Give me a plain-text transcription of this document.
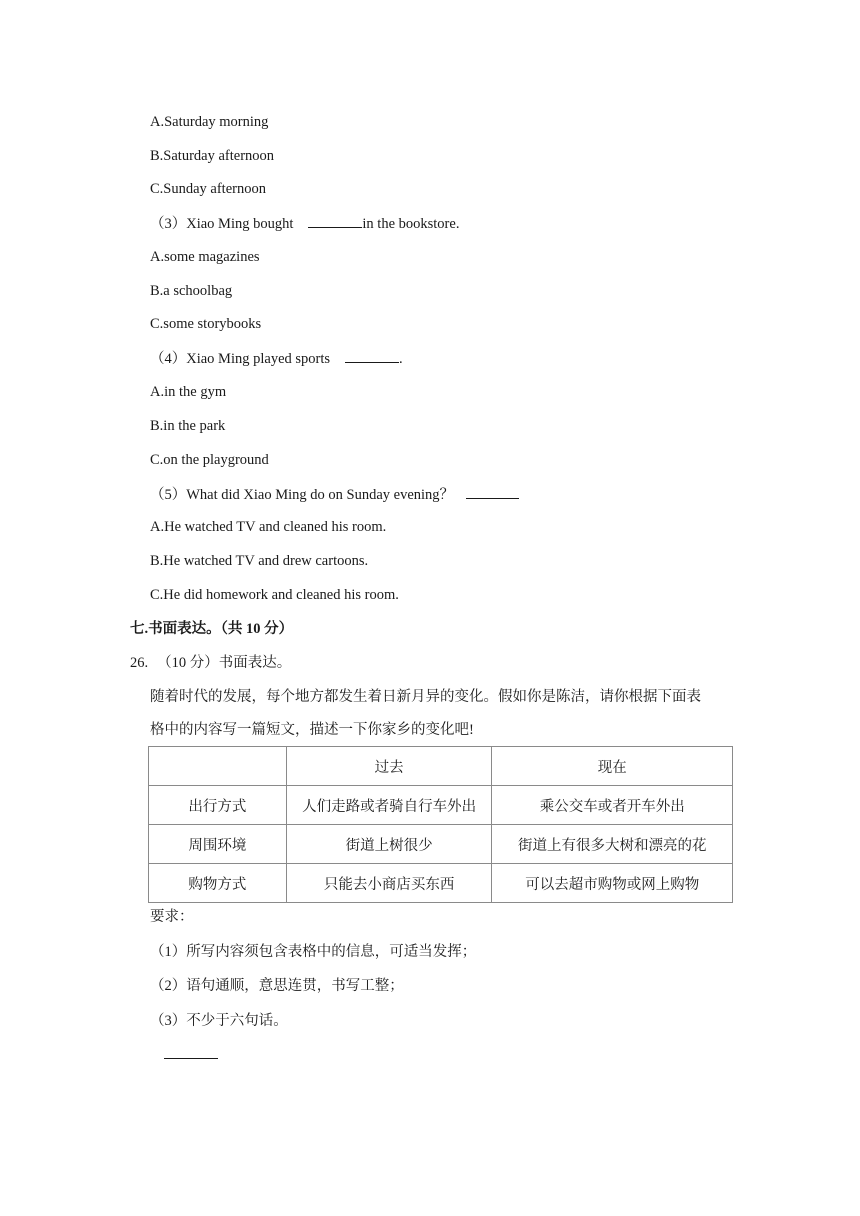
A.Saturday morning
B.Saturday afternoon
C.Sunday afternoon
（3）Xiao Ming bought	in the bookstore.
A.some magazines
B.a schoolbag
C.some storybooks
（4）Xiao Ming played sports	.
A.in the gym
B.in the park
C.on the playground
（5）What did Xiao Ming do on Sunday evening？
A.He watched TV and cleaned his room.
B.He watched TV and drew cartoons.
C.He did homework and cleaned his room.
七.书面表达。（共 10 分）
26. （10 分）书面表达。
随着时代的发展，每个地方都发生着日新月异的变化。假如你是陈洁，请你根据下面表
格中的内容写一篇短文，描述一下你家乡的变化吧!
	过去	现在
出行方式	人们走路或者骑自行车外出	乘公交车或者开车外出
周围环境	街道上树很少	街道上有很多大树和漂亮的花
购物方式	只能去小商店买东西	可以去超市购物或网上购物
要求：
（1）所写内容须包含表格中的信息，可适当发挥；
（2）语句通顺，意思连贯，书写工整；
（3）不少于六句话。
